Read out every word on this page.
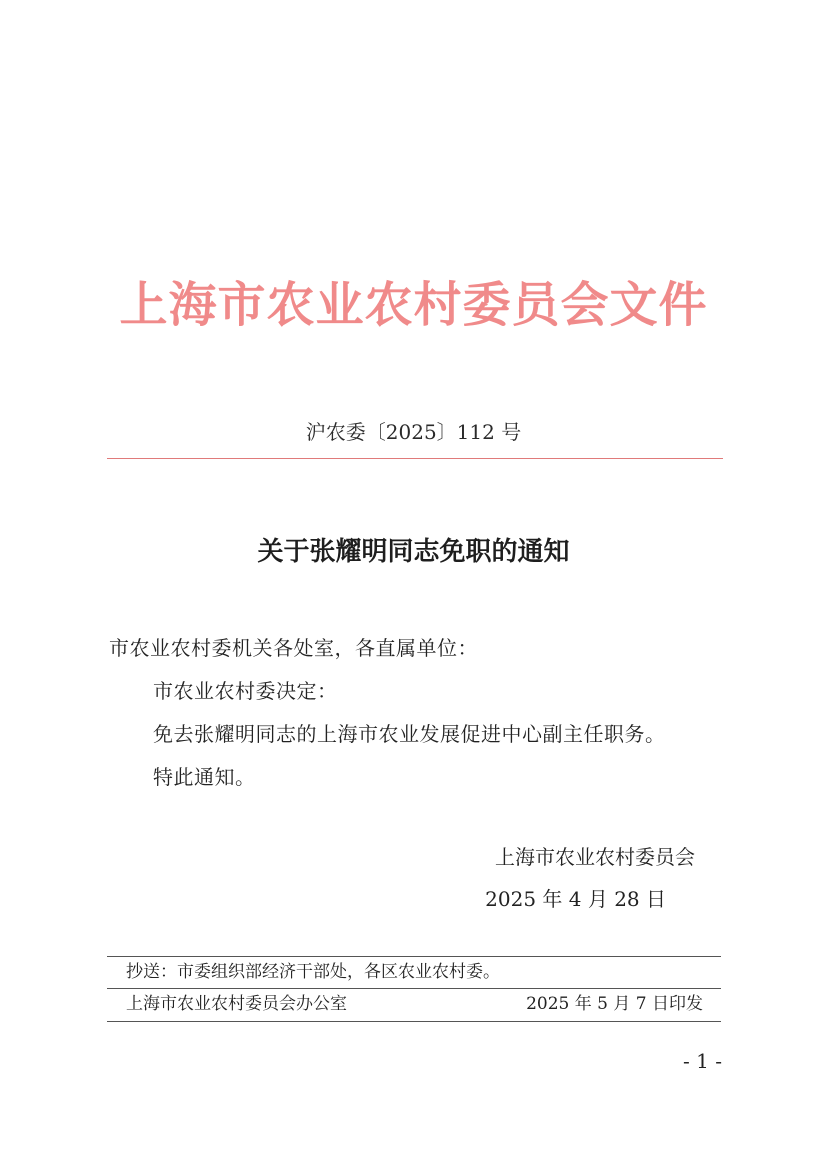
上海市农业农村委员会文件
沪农委〔2025〕112 号
关于张耀明同志免职的通知
市农业农村委机关各处室，各直属单位：
市农业农村委决定：
免去张耀明同志的上海市农业发展促进中心副主任职务。
特此通知。
上海市农业农村委员会
2025 年 4 月 28 日
抄送：市委组织部经济干部处，各区农业农村委。
上海市农业农村委员会办公室	2025 年 5 月 7 日印发
- 1 -
